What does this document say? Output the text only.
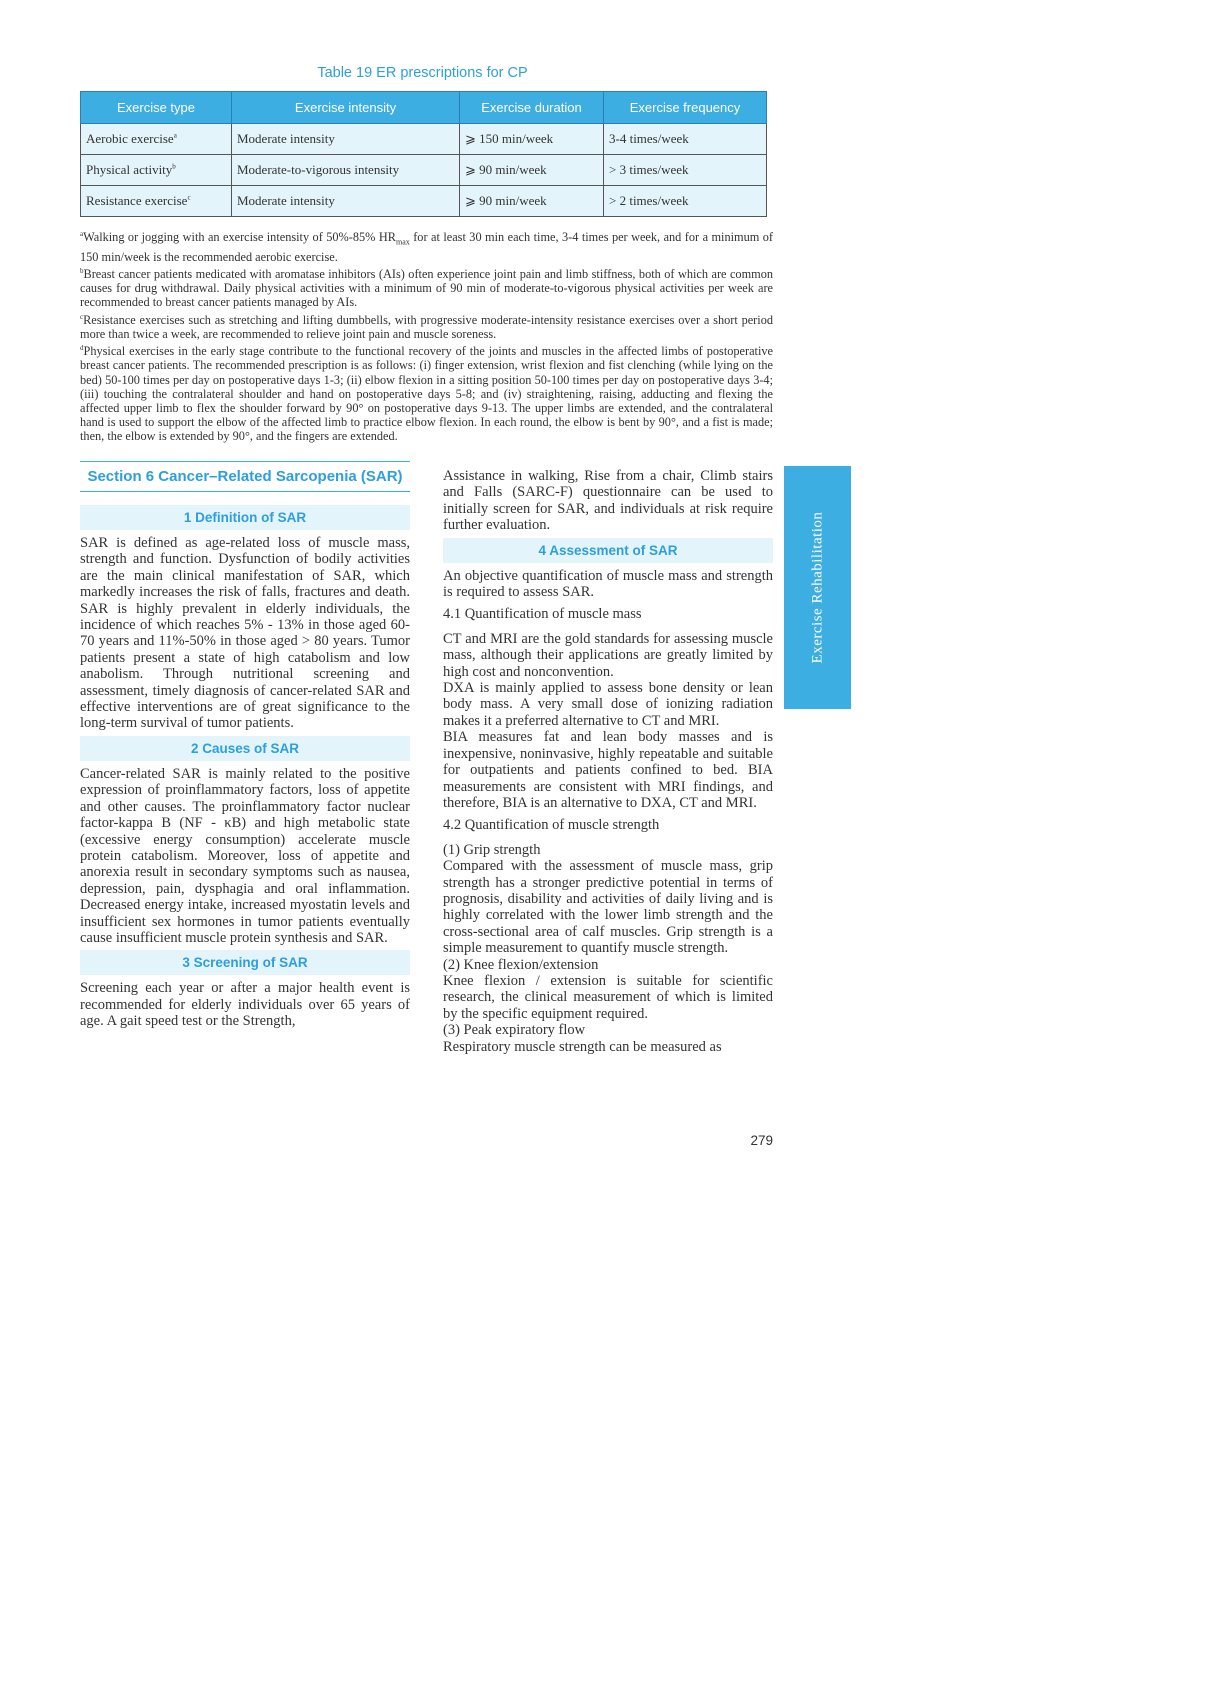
Table 19 ER prescriptions for CP
Exercise type	Exercise intensity	Exercise duration	Exercise frequency
Aerobic exercise$^a$	Moderate intensity	⩾ 150 min/week	3-4 times/week
Physical activity$^b$	Moderate-to-vigorous intensity	⩾ 90 min/week	> 3 times/week
Resistance exercise$^c$	Moderate intensity	⩾ 90 min/week	> 2 times/week

$^a$Walking or jogging with an exercise intensity of 50%-85% $HR_{max}$ for at least 30 min each time, 3-4 times per week, and for a minimum of 150 min/week is the recommended aerobic exercise.

$^b$Breast cancer patients medicated with aromatase inhibitors (AIs) often experience joint pain and limb stiffness, both of which are common causes for drug withdrawal. Daily physical activities with a minimum of 90 min of moderate-to-vigorous physical activities per week are recommended to breast cancer patients managed by AIs.

$^c$Resistance exercises such as stretching and lifting dumbbells, with progressive moderate-intensity resistance exercises over a short period more than twice a week, are recommended to relieve joint pain and muscle soreness.

$^d$Physical exercises in the early stage contribute to the functional recovery of the joints and muscles in the affected limbs of postoperative breast cancer patients. The recommended prescription is as follows: (i) finger extension, wrist flexion and fist clenching (while lying on the bed) 50-100 times per day on postoperative days 1-3; (ii) elbow flexion in a sitting position 50-100 times per day on postoperative days 3-4; (iii) touching the contralateral shoulder and hand on postoperative days 5-8; and (iv) straightening, raising, adducting and flexing the affected upper limb to flex the shoulder forward by 90° on postoperative days 9-13. The upper limbs are extended, and the contralateral hand is used to support the elbow of the affected limb to practice elbow flexion. In each round, the elbow is bent by 90°, and a fist is made; then, the elbow is extended by 90°, and the fingers are extended.

Section 6 Cancer–Related Sarcopenia (SAR)
1 Definition of SAR

SAR is defined as age-related loss of muscle mass, strength and function. Dysfunction of bodily activities are the main clinical manifestation of SAR, which markedly increases the risk of falls, fractures and death. SAR is highly prevalent in elderly individuals, the incidence of which reaches 5% - 13% in those aged 60-70 years and 11%-50% in those aged > 80 years. Tumor patients present a state of high catabolism and low anabolism. Through nutritional screening and assessment, timely diagnosis of cancer-related SAR and effective interventions are of great significance to the long-term survival of tumor patients.

2 Causes of SAR

Cancer-related SAR is mainly related to the positive expression of proinflammatory factors, loss of appetite and other causes. The proinflammatory factor nuclear factor-kappa B (NF - κB) and high metabolic state (excessive energy consumption) accelerate muscle protein catabolism. Moreover, loss of appetite and anorexia result in secondary symptoms such as nausea, depression, pain, dysphagia and oral inflammation. Decreased energy intake, increased myostatin levels and insufficient sex hormones in tumor patients eventually cause insufficient muscle protein synthesis and SAR.

3 Screening of SAR

Screening each year or after a major health event is recommended for elderly individuals over 65 years of age. A gait speed test or the Strength,

Assistance in walking, Rise from a chair, Climb stairs and Falls (SARC-F) questionnaire can be used to initially screen for SAR, and individuals at risk require further evaluation.

4 Assessment of SAR

An objective quantification of muscle mass and strength is required to assess SAR.

4.1 Quantification of muscle mass

CT and MRI are the gold standards for assessing muscle mass, although their applications are greatly limited by high cost and nonconvention.

DXA is mainly applied to assess bone density or lean body mass. A very small dose of ionizing radiation makes it a preferred alternative to CT and MRI.

BIA measures fat and lean body masses and is inexpensive, noninvasive, highly repeatable and suitable for outpatients and patients confined to bed. BIA measurements are consistent with MRI findings, and therefore, BIA is an alternative to DXA, CT and MRI.

4.2 Quantification of muscle strength

(1) Grip strength

Compared with the assessment of muscle mass, grip strength has a stronger predictive potential in terms of prognosis, disability and activities of daily living and is highly correlated with the lower limb strength and the cross-sectional area of calf muscles. Grip strength is a simple measurement to quantify muscle strength.

(2) Knee flexion/extension

Knee flexion / extension is suitable for scientific research, the clinical measurement of which is limited by the specific equipment required.

(3) Peak expiratory flow

Respiratory muscle strength can be measured as

Exercise Rehabilitation
279
